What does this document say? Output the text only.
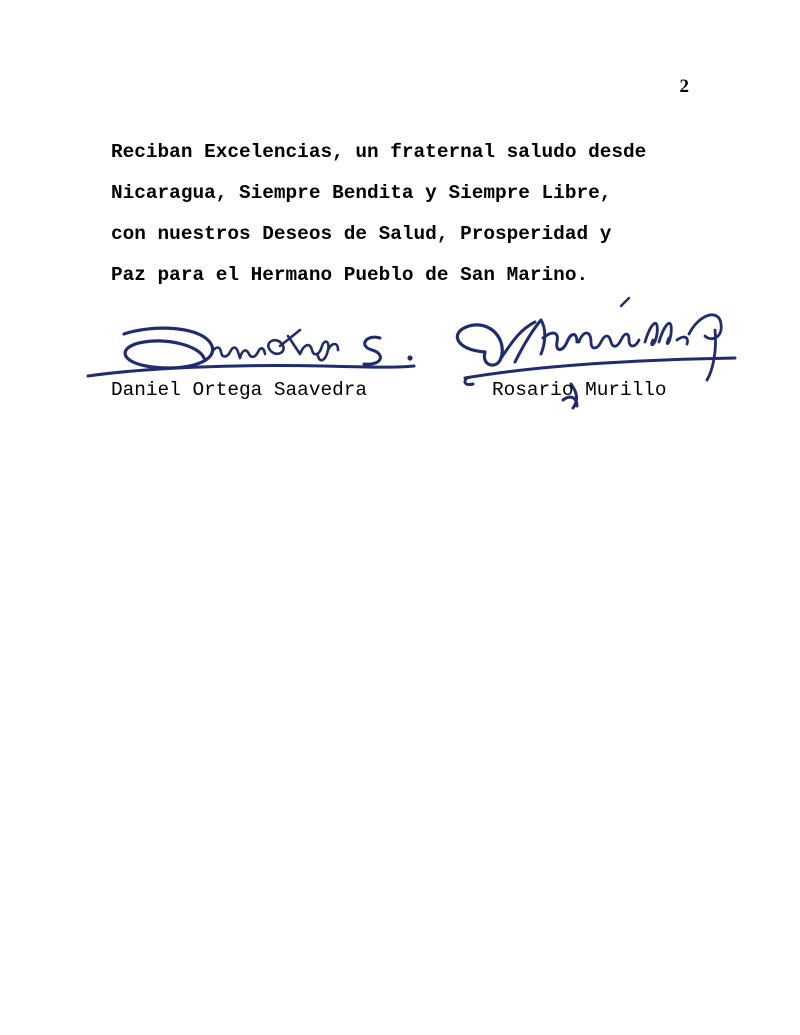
2
Reciban Excelencias, un fraternal saludo desde
Nicaragua, Siempre Bendita y Siempre Libre,
con nuestros Deseos de Salud, Prosperidad y
Paz para el Hermano Pueblo de San Marino.
Daniel Ortega Saavedra	Rosario Murillo
